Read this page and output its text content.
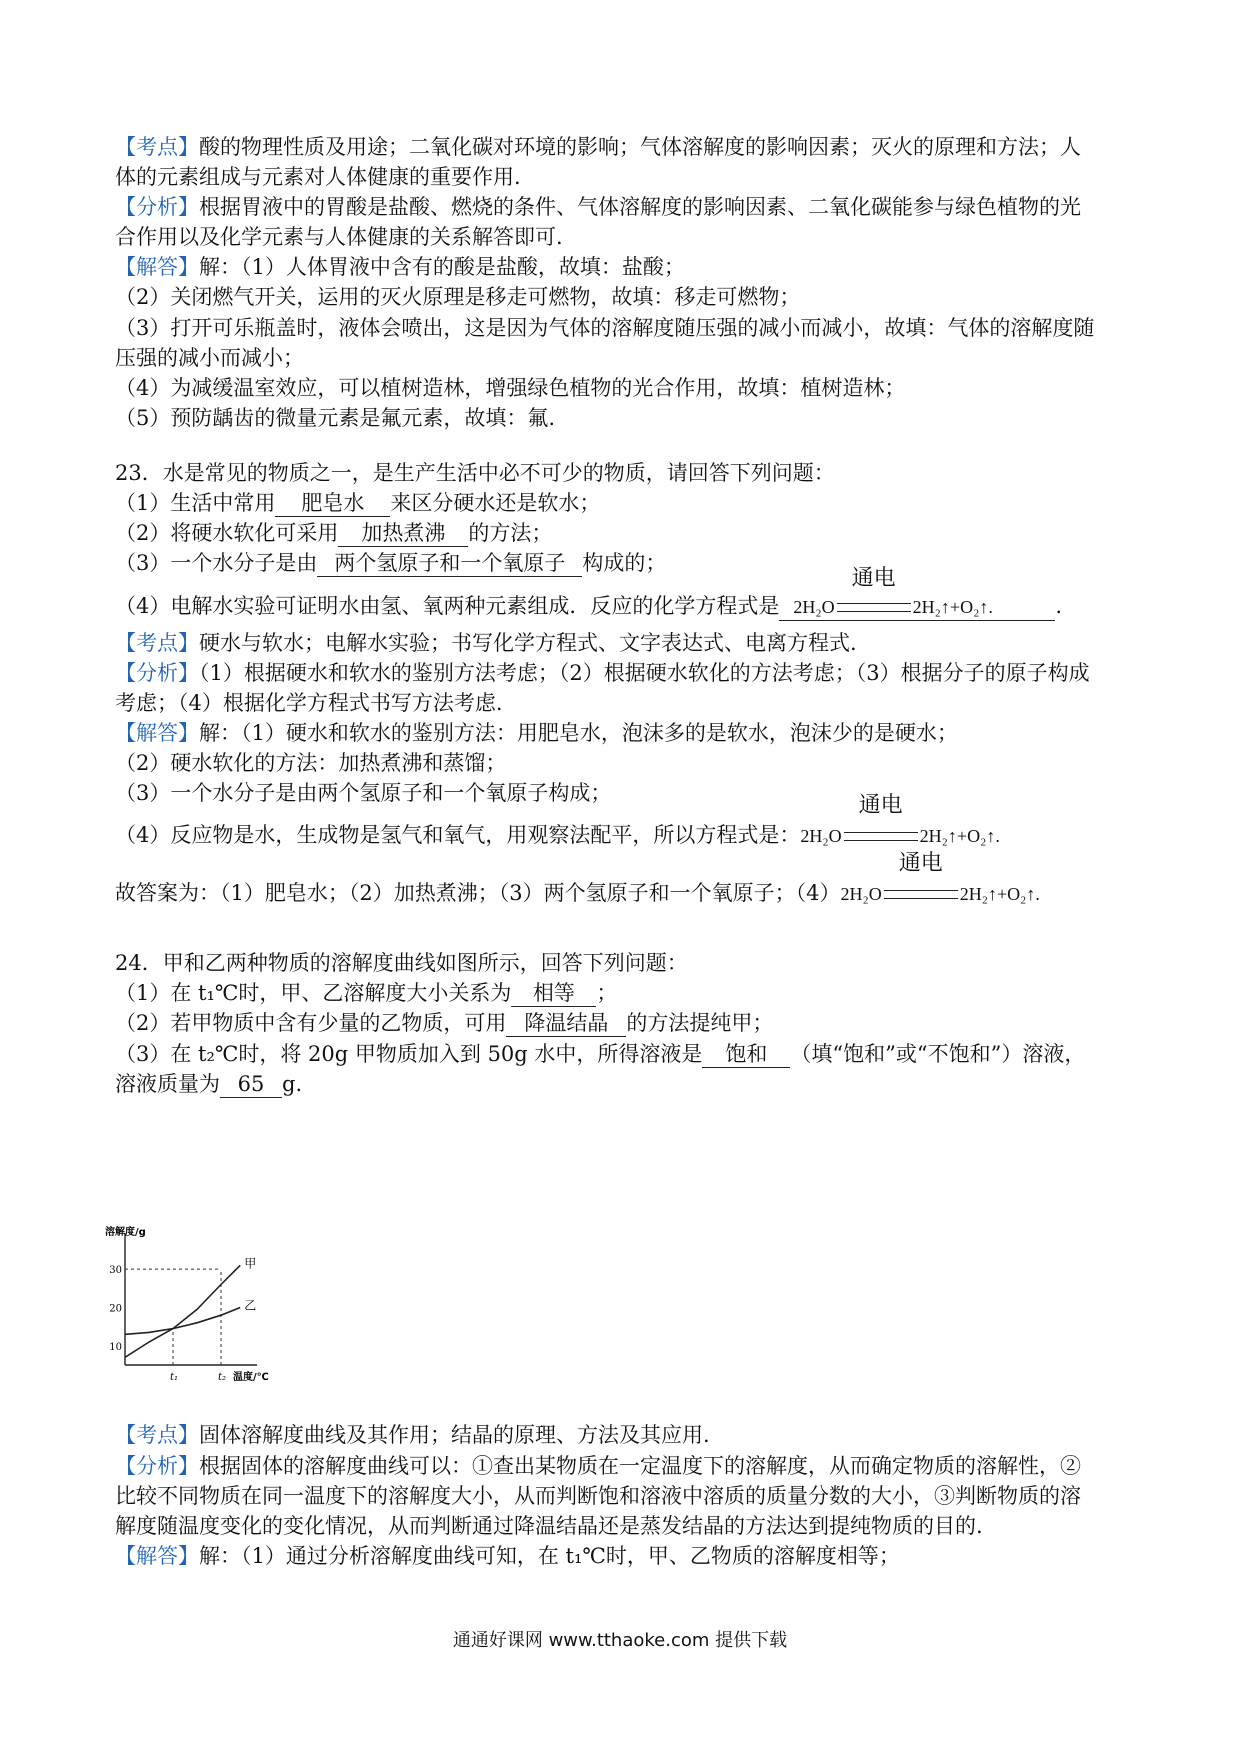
【考点】酸的物理性质及用途；二氧化碳对环境的影响；气体溶解度的影响因素；灭火的原理和方法；人
体的元素组成与元素对人体健康的重要作用.
【分析】根据胃液中的胃酸是盐酸、燃烧的条件、气体溶解度的影响因素、二氧化碳能参与绿色植物的光
合作用以及化学元素与人体健康的关系解答即可.
【解答】解：（1）人体胃液中含有的酸是盐酸，故填：盐酸；
（2）关闭燃气开关，运用的灭火原理是移走可燃物，故填：移走可燃物；
（3）打开可乐瓶盖时，液体会喷出，这是因为气体的溶解度随压强的减小而减小，故填：气体的溶解度随
压强的减小而减小；
（4）为减缓温室效应，可以植树造林，增强绿色植物的光合作用，故填：植树造林；
（5）预防龋齿的微量元素是氟元素，故填：氟.
23．水是常见的物质之一，是生产生活中必不可少的物质，请回答下列问题：
（1）生活中常用 肥皂水 来区分硬水还是软水；
（2）将硬水软化可采用 加热煮沸 的方法；
（3）一个水分子是由 两个氢原子和一个氧原子 构成的；
（4）电解水实验可证明水由氢、氧两种元素组成．反应的化学方程式是 2H₂O
通电
2H₂↑+O₂↑.	.
【考点】硬水与软水；电解水实验；书写化学方程式、文字表达式、电离方程式.
【分析】（1）根据硬水和软水的鉴别方法考虑；（2）根据硬水软化的方法考虑；（3）根据分子的原子构成
考虑；（4）根据化学方程式书写方法考虑.
【解答】解：（1）硬水和软水的鉴别方法：用肥皂水，泡沫多的是软水，泡沫少的是硬水；
（2）硬水软化的方法：加热煮沸和蒸馏；
（3）一个水分子是由两个氢原子和一个氧原子构成；
（4）反应物是水，生成物是氢气和氧气，用观察法配平，所以方程式是：2H₂O
通电
2H₂↑+O₂↑.
故答案为：（1）肥皂水；（2）加热煮沸；（3）两个氢原子和一个氧原子；（4）2H₂O
通电
2H₂↑+O₂↑.
24．甲和乙两种物质的溶解度曲线如图所示，回答下列问题：
（1）在 t₁℃时，甲、乙溶解度大小关系为 相等 ；
（2）若甲物质中含有少量的乙物质，可用 降温结晶 的方法提纯甲；
（3）在 t₂℃时，将 20g 甲物质加入到 50g 水中，所得溶液是 饱和 （填“饱和”或“不饱和”）溶液，
溶液质量为 65 g.
溶解度/g
温度/℃
10
20
30
t₁	t₂
甲
乙
【考点】固体溶解度曲线及其作用；结晶的原理、方法及其应用.
【分析】根据固体的溶解度曲线可以：①查出某物质在一定温度下的溶解度，从而确定物质的溶解性，②
比较不同物质在同一温度下的溶解度大小，从而判断饱和溶液中溶质的质量分数的大小，③判断物质的溶
解度随温度变化的变化情况，从而判断通过降温结晶还是蒸发结晶的方法达到提纯物质的目的.
【解答】解：（1）通过分析溶解度曲线可知，在 t₁℃时，甲、乙物质的溶解度相等；
通通好课网 www.tthaoke.com 提供下载
